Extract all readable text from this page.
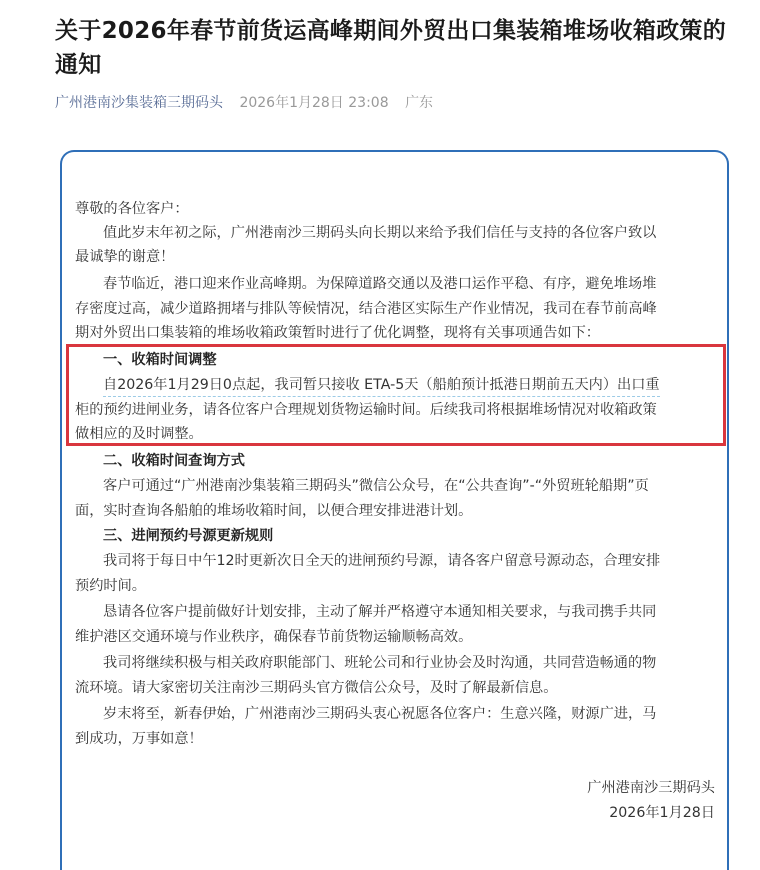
关于2026年春节前货运高峰期间外贸出口集装箱堆场收箱政策的通知
广州港南沙集装箱三期码头 2026年1月28日 23:08 广东
尊敬的各位客户：
值此岁末年初之际，广州港南沙三期码头向长期以来给予我们信任与支持的各位客户致以
最诚挚的谢意！
春节临近，港口迎来作业高峰期。为保障道路交通以及港口运作平稳、有序，避免堆场堆
存密度过高，减少道路拥堵与排队等候情况，结合港区实际生产作业情况，我司在春节前高峰
期对外贸出口集装箱的堆场收箱政策暂时进行了优化调整，现将有关事项通告如下：
一、收箱时间调整
自2026年1月29日0点起，我司暂只接收 ETA-5天（船舶预计抵港日期前五天内）出口重
柜的预约进闸业务，请各位客户合理规划货物运输时间。后续我司将根据堆场情况对收箱政策
做相应的及时调整。
二、收箱时间查询方式
客户可通过“广州港南沙集装箱三期码头”微信公众号，在“公共查询”-“外贸班轮船期”页
面，实时查询各船舶的堆场收箱时间，以便合理安排进港计划。
三、进闸预约号源更新规则
我司将于每日中午12时更新次日全天的进闸预约号源，请各客户留意号源动态，合理安排
预约时间。
恳请各位客户提前做好计划安排，主动了解并严格遵守本通知相关要求，与我司携手共同
维护港区交通环境与作业秩序，确保春节前货物运输顺畅高效。
我司将继续积极与相关政府职能部门、班轮公司和行业协会及时沟通，共同营造畅通的物
流环境。请大家密切关注南沙三期码头官方微信公众号，及时了解最新信息。
岁末将至，新春伊始，广州港南沙三期码头衷心祝愿各位客户：生意兴隆，财源广进，马
到成功，万事如意！
广州港南沙三期码头
2026年1月28日
